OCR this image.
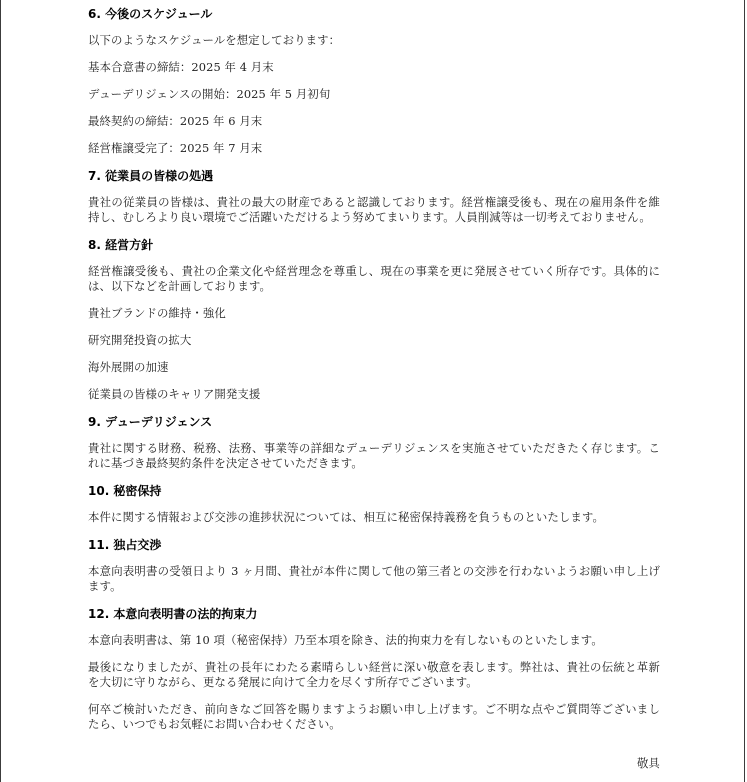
6. 今後のスケジュール
以下のようなスケジュールを想定しております：
基本合意書の締結：2025 年 4 月末
デューデリジェンスの開始：2025 年 5 月初旬
最終契約の締結：2025 年 6 月末
経営権譲受完了：2025 年 7 月末
7. 従業員の皆様の処遇
貴社の従業員の皆様は、貴社の最大の財産であると認識しております。経営権譲受後も、現在の雇用条件を維持し、むしろより良い環境でご活躍いただけるよう努めてまいります。人員削減等は一切考えておりません。
8. 経営方針
経営権譲受後も、貴社の企業文化や経営理念を尊重し、現在の事業を更に発展させていく所存です。具体的には、以下などを計画しております。
貴社ブランドの維持・強化
研究開発投資の拡大
海外展開の加速
従業員の皆様のキャリア開発支援
9. デューデリジェンス
貴社に関する財務、税務、法務、事業等の詳細なデューデリジェンスを実施させていただきたく存じます。これに基づき最終契約条件を決定させていただきます。
10. 秘密保持
本件に関する情報および交渉の進捗状況については、相互に秘密保持義務を負うものといたします。
11. 独占交渉
本意向表明書の受領日より 3 ヶ月間、貴社が本件に関して他の第三者との交渉を行わないようお願い申し上げます。
12. 本意向表明書の法的拘束力
本意向表明書は、第 10 項（秘密保持）乃至本項を除き、法的拘束力を有しないものといたします。
最後になりましたが、貴社の長年にわたる素晴らしい経営に深い敬意を表します。弊社は、貴社の伝統と革新を大切に守りながら、更なる発展に向けて全力を尽くす所存でございます。
何卒ご検討いただき、前向きなご回答を賜りますようお願い申し上げます。ご不明な点やご質問等ございましたら、いつでもお気軽にお問い合わせください。
敬具
